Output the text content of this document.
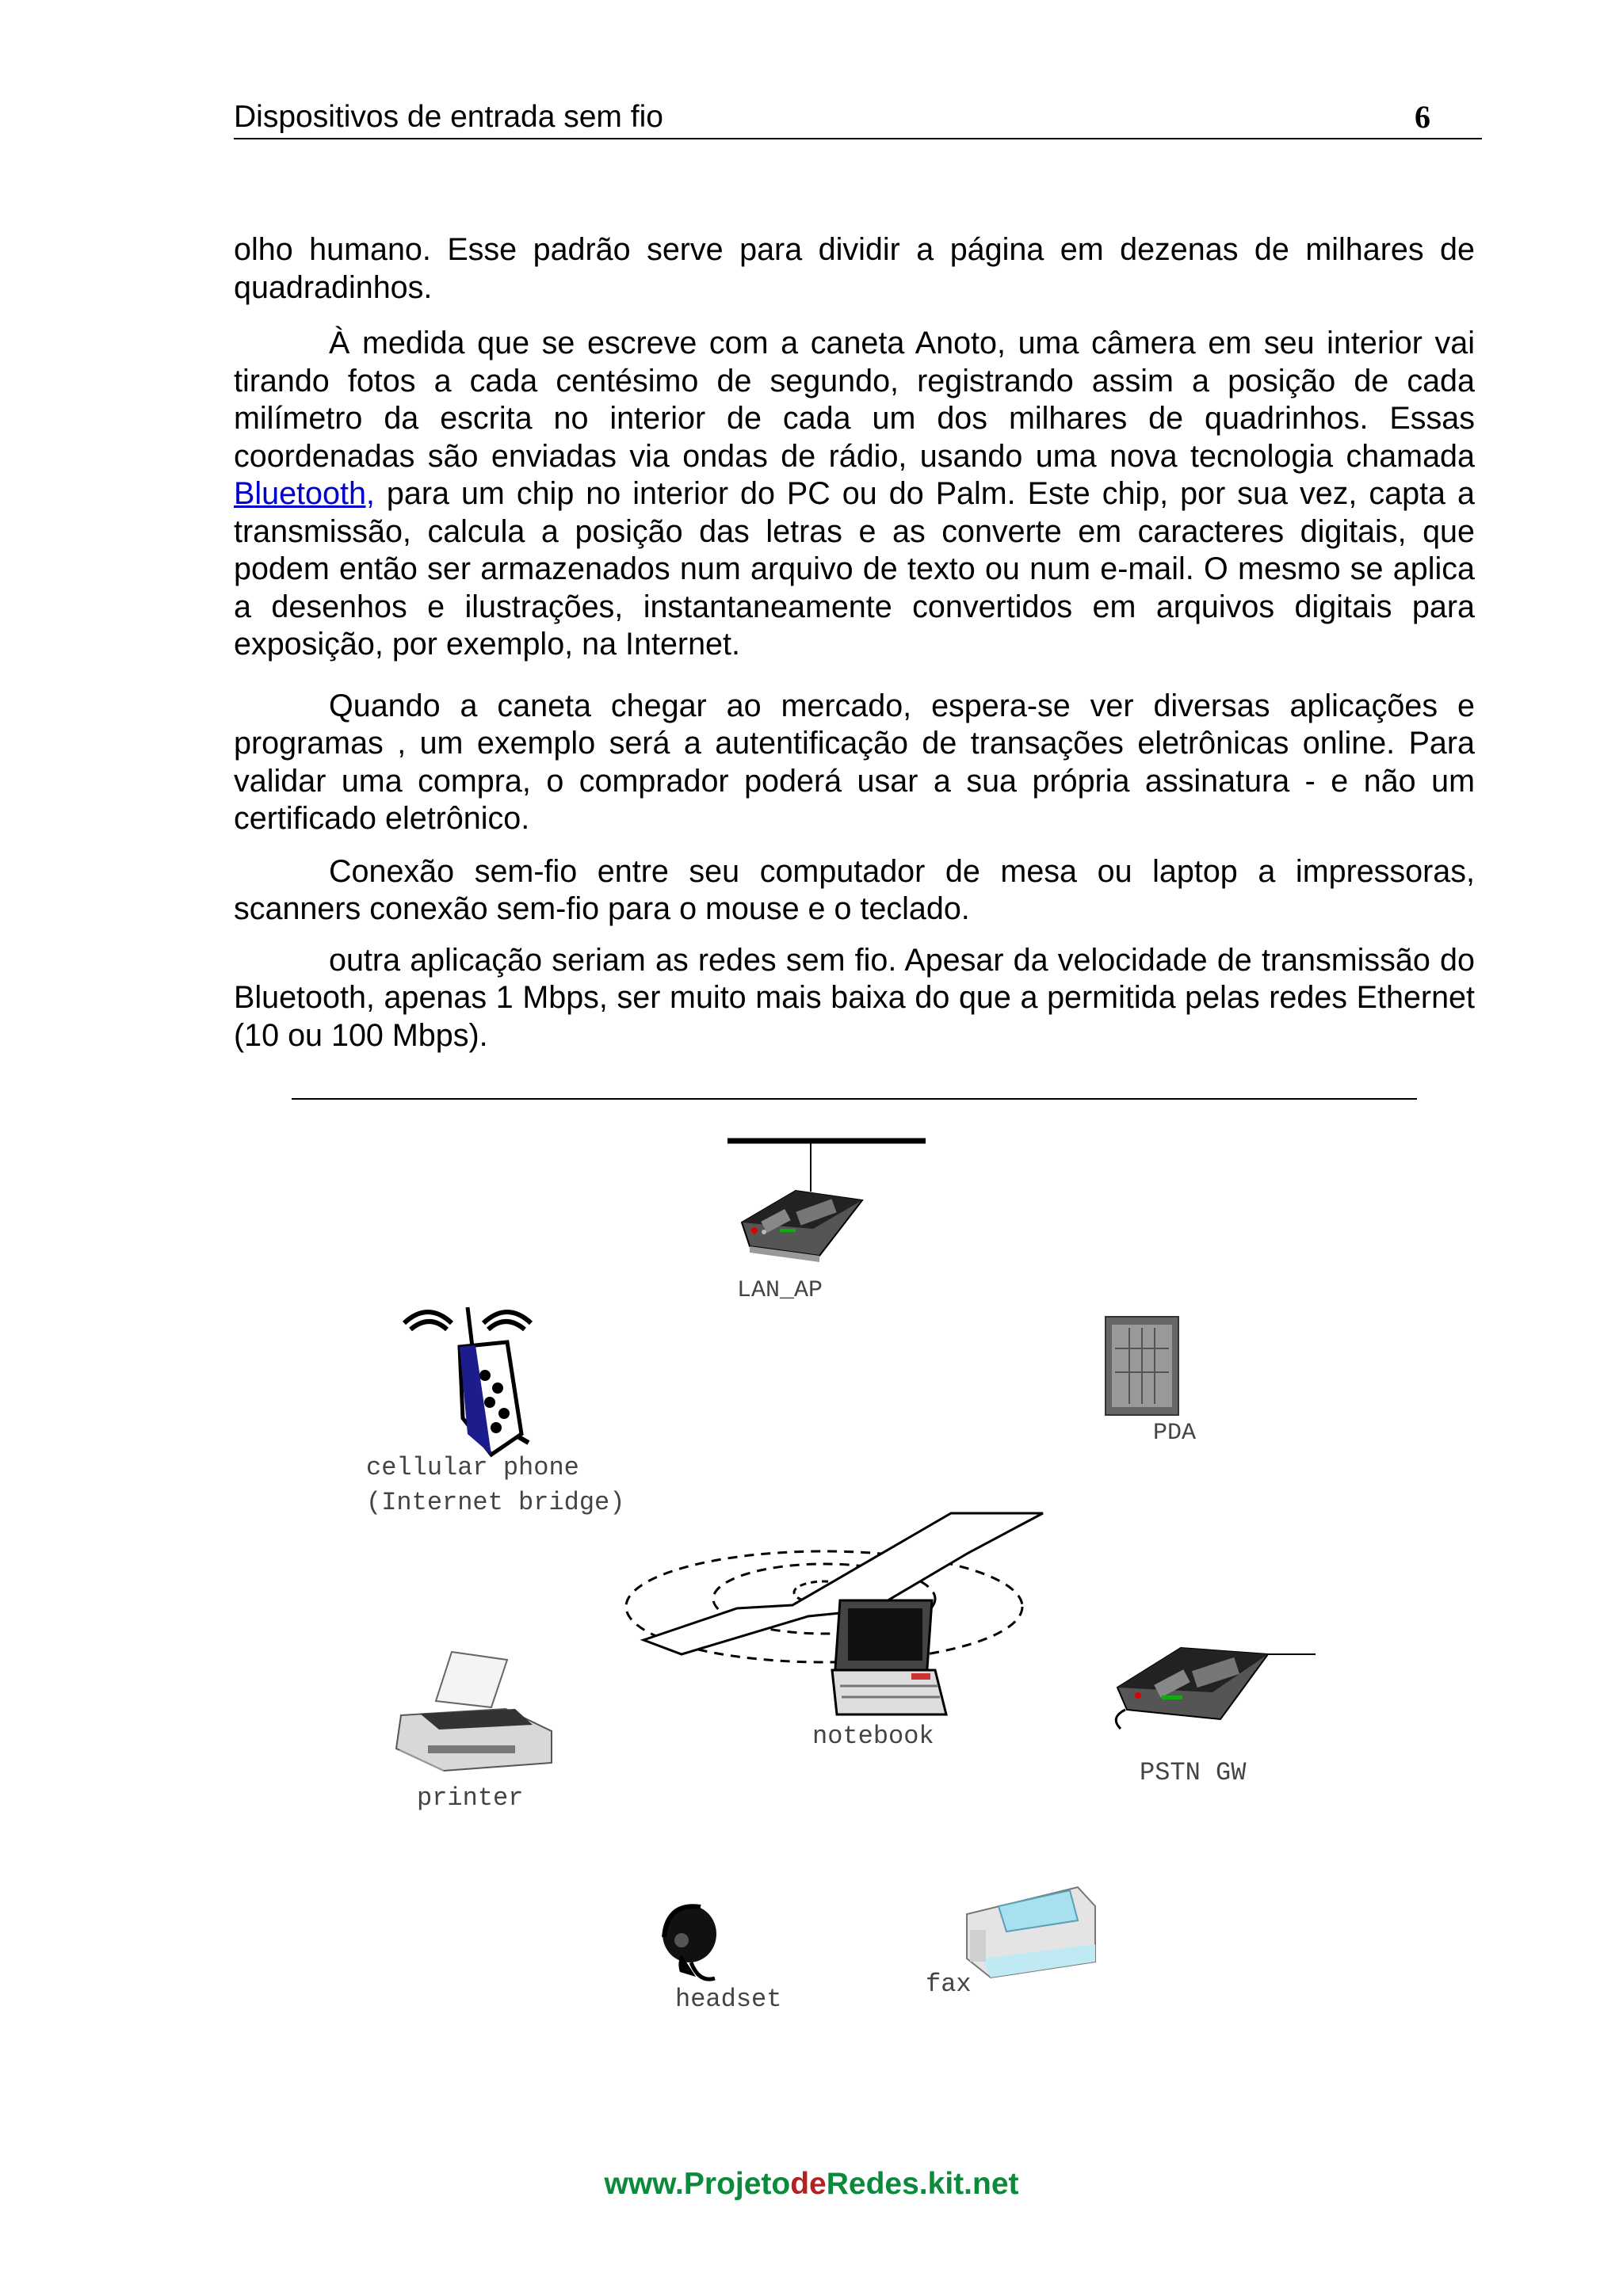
Dispositivos de entrada sem fio	6

olho humano. Esse padrão serve para dividir a página em dezenas de milhares de quadradinhos.

À medida que se escreve com a caneta Anoto, uma câmera em seu interior vai tirando fotos a cada centésimo de segundo, registrando assim a posição de cada milímetro da escrita no interior de cada um dos milhares de quadrinhos. Essas coordenadas são enviadas via ondas de rádio, usando uma nova tecnologia chamada Bluetooth, para um chip no interior do PC ou do Palm. Este chip, por sua vez, capta a transmissão, calcula a posição das letras e as converte em caracteres digitais, que podem então ser armazenados num arquivo de texto ou num e-mail. O mesmo se aplica a desenhos e ilustrações, instantaneamente convertidos em arquivos digitais para exposição, por exemplo, na Internet.

Quando a caneta chegar ao mercado, espera-se ver diversas aplicações e programas , um exemplo será a autentificação de transações eletrônicas online. Para validar uma compra, o comprador poderá usar a sua própria assinatura - e não um certificado eletrônico.

Conexão sem-fio entre seu computador de mesa ou laptop a impressoras, scanners conexão sem-fio para o mouse e o teclado.

outra aplicação seriam as redes sem fio. Apesar da velocidade de transmissão do Bluetooth, apenas 1 Mbps, ser muito mais baixa do que a permitida pelas redes Ethernet (10 ou 100 Mbps).

LAN_AP
PDA
cellular phone
(Internet bridge)
notebook
PSTN GW
printer
headset
fax
www.ProjetodeRedes.kit.net
